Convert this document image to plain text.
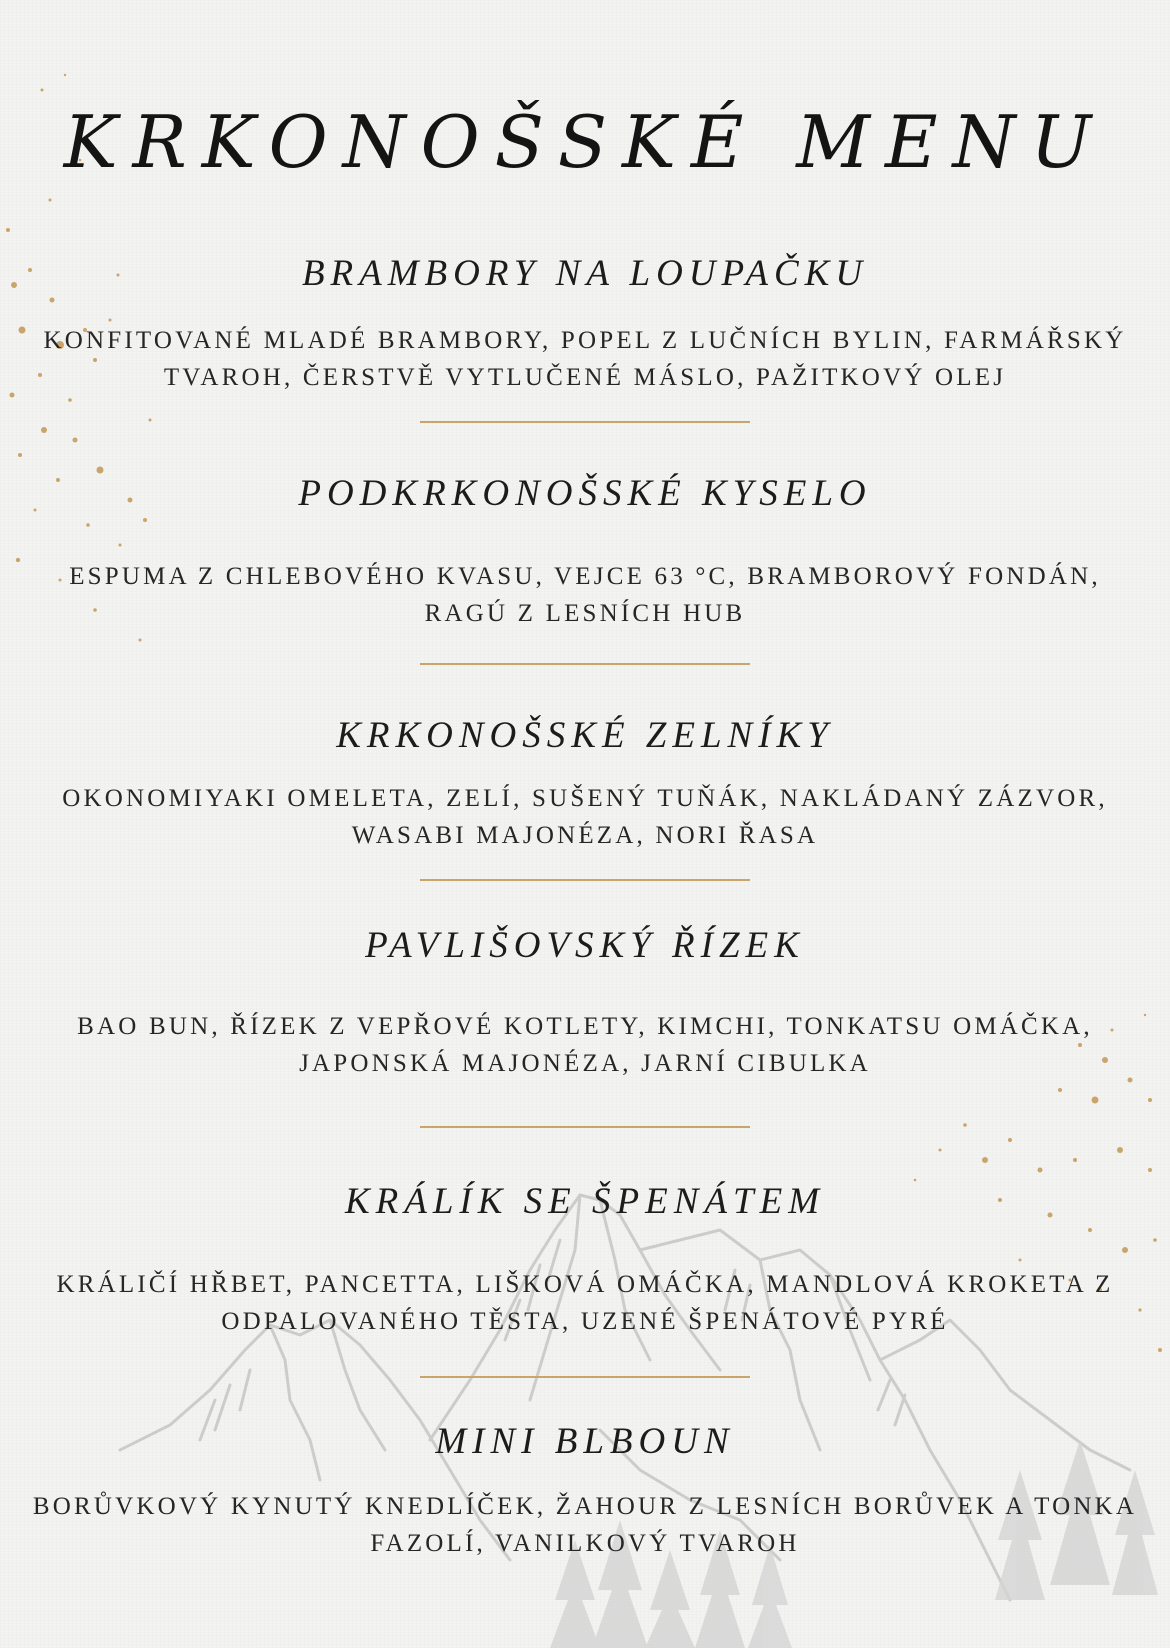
KRKONOŠSKÉ MENU
BRAMBORY NA LOUPAČKU

KONFITOVANÉ MLADÉ BRAMBORY, POPEL Z LUČNÍCH BYLIN, FARMÁŘSKÝ
TVAROH, ČERSTVĚ VYTLUČENÉ MÁSLO, PAŽITKOVÝ OLEJ

PODKRKONOŠSKÉ KYSELO

ESPUMA Z CHLEBOVÉHO KVASU, VEJCE 63 °C, BRAMBOROVÝ FONDÁN,
RAGÚ Z LESNÍCH HUB

KRKONOŠSKÉ ZELNÍKY

OKONOMIYAKI OMELETA, ZELÍ, SUŠENÝ TUŇÁK, NAKLÁDANÝ ZÁZVOR,
WASABI MAJONÉZA, NORI ŘASA

PAVLIŠOVSKÝ ŘÍZEK

BAO BUN, ŘÍZEK Z VEPŘOVÉ KOTLETY, KIMCHI, TONKATSU OMÁČKA,
JAPONSKÁ MAJONÉZA, JARNÍ CIBULKA

KRÁLÍK SE ŠPENÁTEM

KRÁLIČÍ HŘBET, PANCETTA, LIŠKOVÁ OMÁČKA, MANDLOVÁ KROKETA Z
ODPALOVANÉHO TĚSTA, UZENÉ ŠPENÁTOVÉ PYRÉ

MINI BLBOUN

BORŮVKOVÝ KYNUTÝ KNEDLÍČEK, ŽAHOUR Z LESNÍCH BORŮVEK A TONKA
FAZOLÍ, VANILKOVÝ TVAROH
